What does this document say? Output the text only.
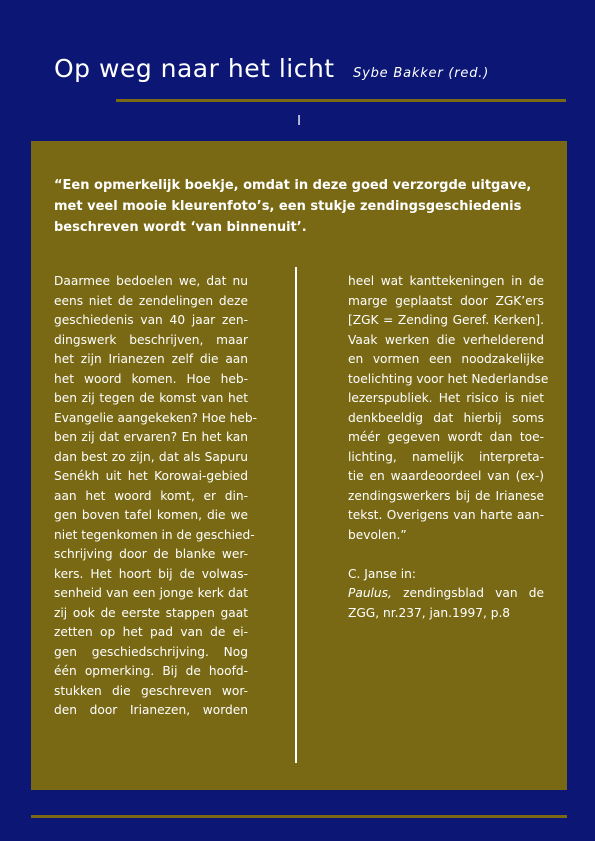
Op weg naar het licht Sybe Bakker (red.)
I
“Een opmerkelijk boekje, omdat in deze goed verzorgde uitgave, met veel mooie kleurenfoto’s, een stukje zendingsgeschiedenis beschreven wordt ‘van binnenuit’.
Daarmee bedoelen we, dat nu
eens niet de zendelingen deze
geschiedenis van 40 jaar zen-
dingswerk beschrijven, maar
het zijn Irianezen zelf die aan
het woord komen. Hoe heb-
ben zij tegen de komst van het
Evangelie aangekeken? Hoe heb-
ben zij dat ervaren? En het kan
dan best zo zijn, dat als Sapuru
Senékh uit het Korowai-gebied
aan het woord komt, er din-
gen boven tafel komen, die we
niet tegenkomen in de geschied-
schrijving door de blanke wer-
kers. Het hoort bij de volwas-
senheid van een jonge kerk dat
zij ook de eerste stappen gaat
zetten op het pad van de ei-
gen geschiedschrijving. Nog
één opmerking. Bij de hoofd-
stukken die geschreven wor-
den door Irianezen, worden
heel wat kanttekeningen in de
marge geplaatst door ZGK’ers
[ZGK = Zending Geref. Kerken].
Vaak werken die verhelderend
en vormen een noodzakelijke
toelichting voor het Nederlandse
lezerspubliek. Het risico is niet
denkbeeldig dat hierbij soms
méér gegeven wordt dan toe-
lichting, namelijk interpreta-
tie en waardeoordeel van (ex-)
zendingswerkers bij de Irianese
tekst. Overigens van harte aan-
bevolen.”
C. Janse in:
Paulus, zendingsblad van de
ZGG, nr.237, jan.1997, p.8
